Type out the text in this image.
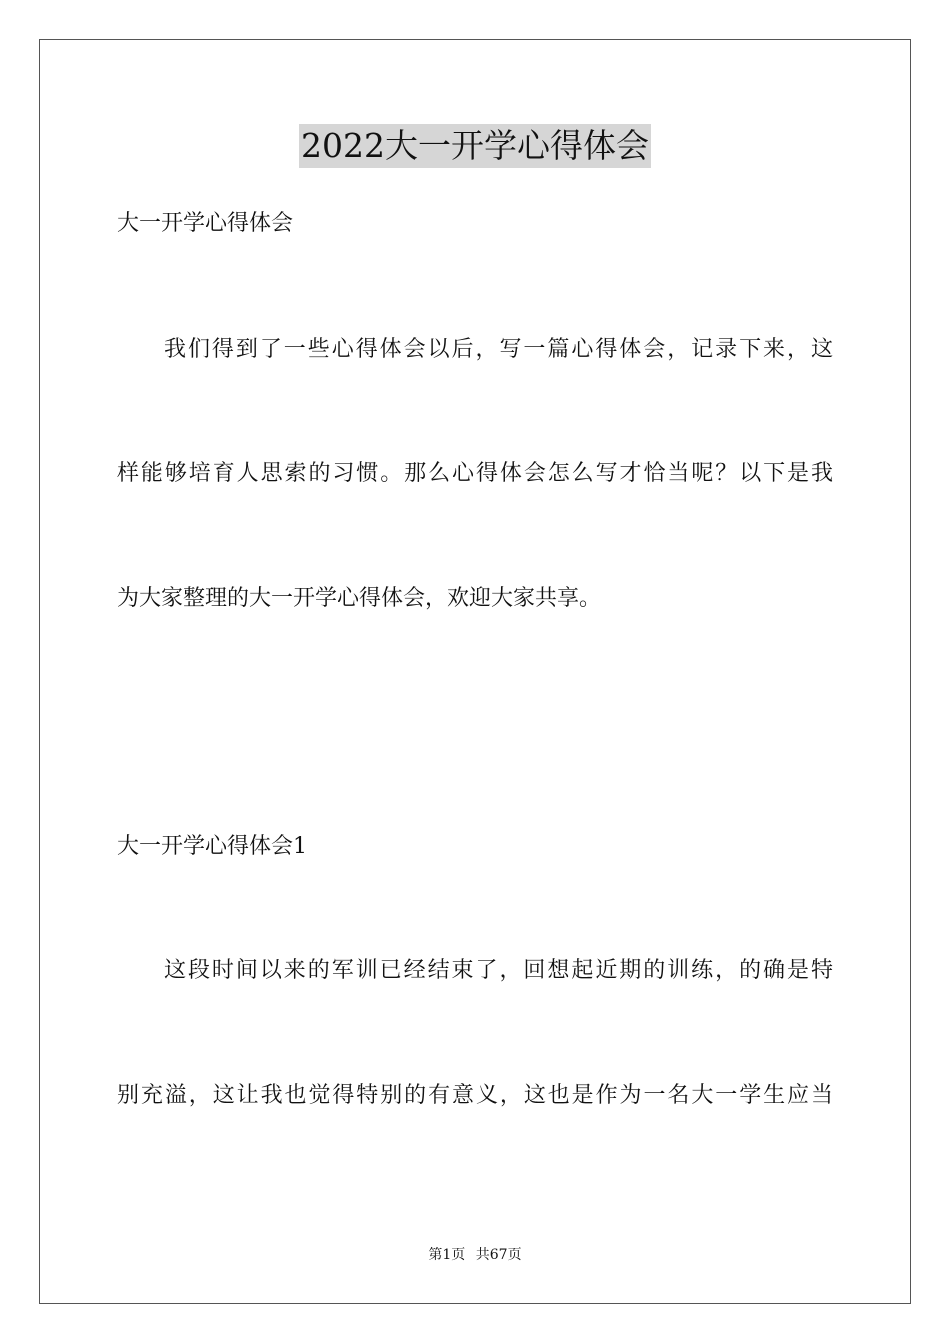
2022大一开学心得体会
大一开学心得体会
我们得到了一些心得体会以后，写一篇心得体会，记录下来，这
样能够培育人思索的习惯。那么心得体会怎么写才恰当呢？以下是我
为大家整理的大一开学心得体会，欢迎大家共享。
大一开学心得体会1
这段时间以来的军训已经结束了，回想起近期的训练，的确是特
别充溢，这让我也觉得特别的有意义，这也是作为一名大一学生应当
第1页 共67页
